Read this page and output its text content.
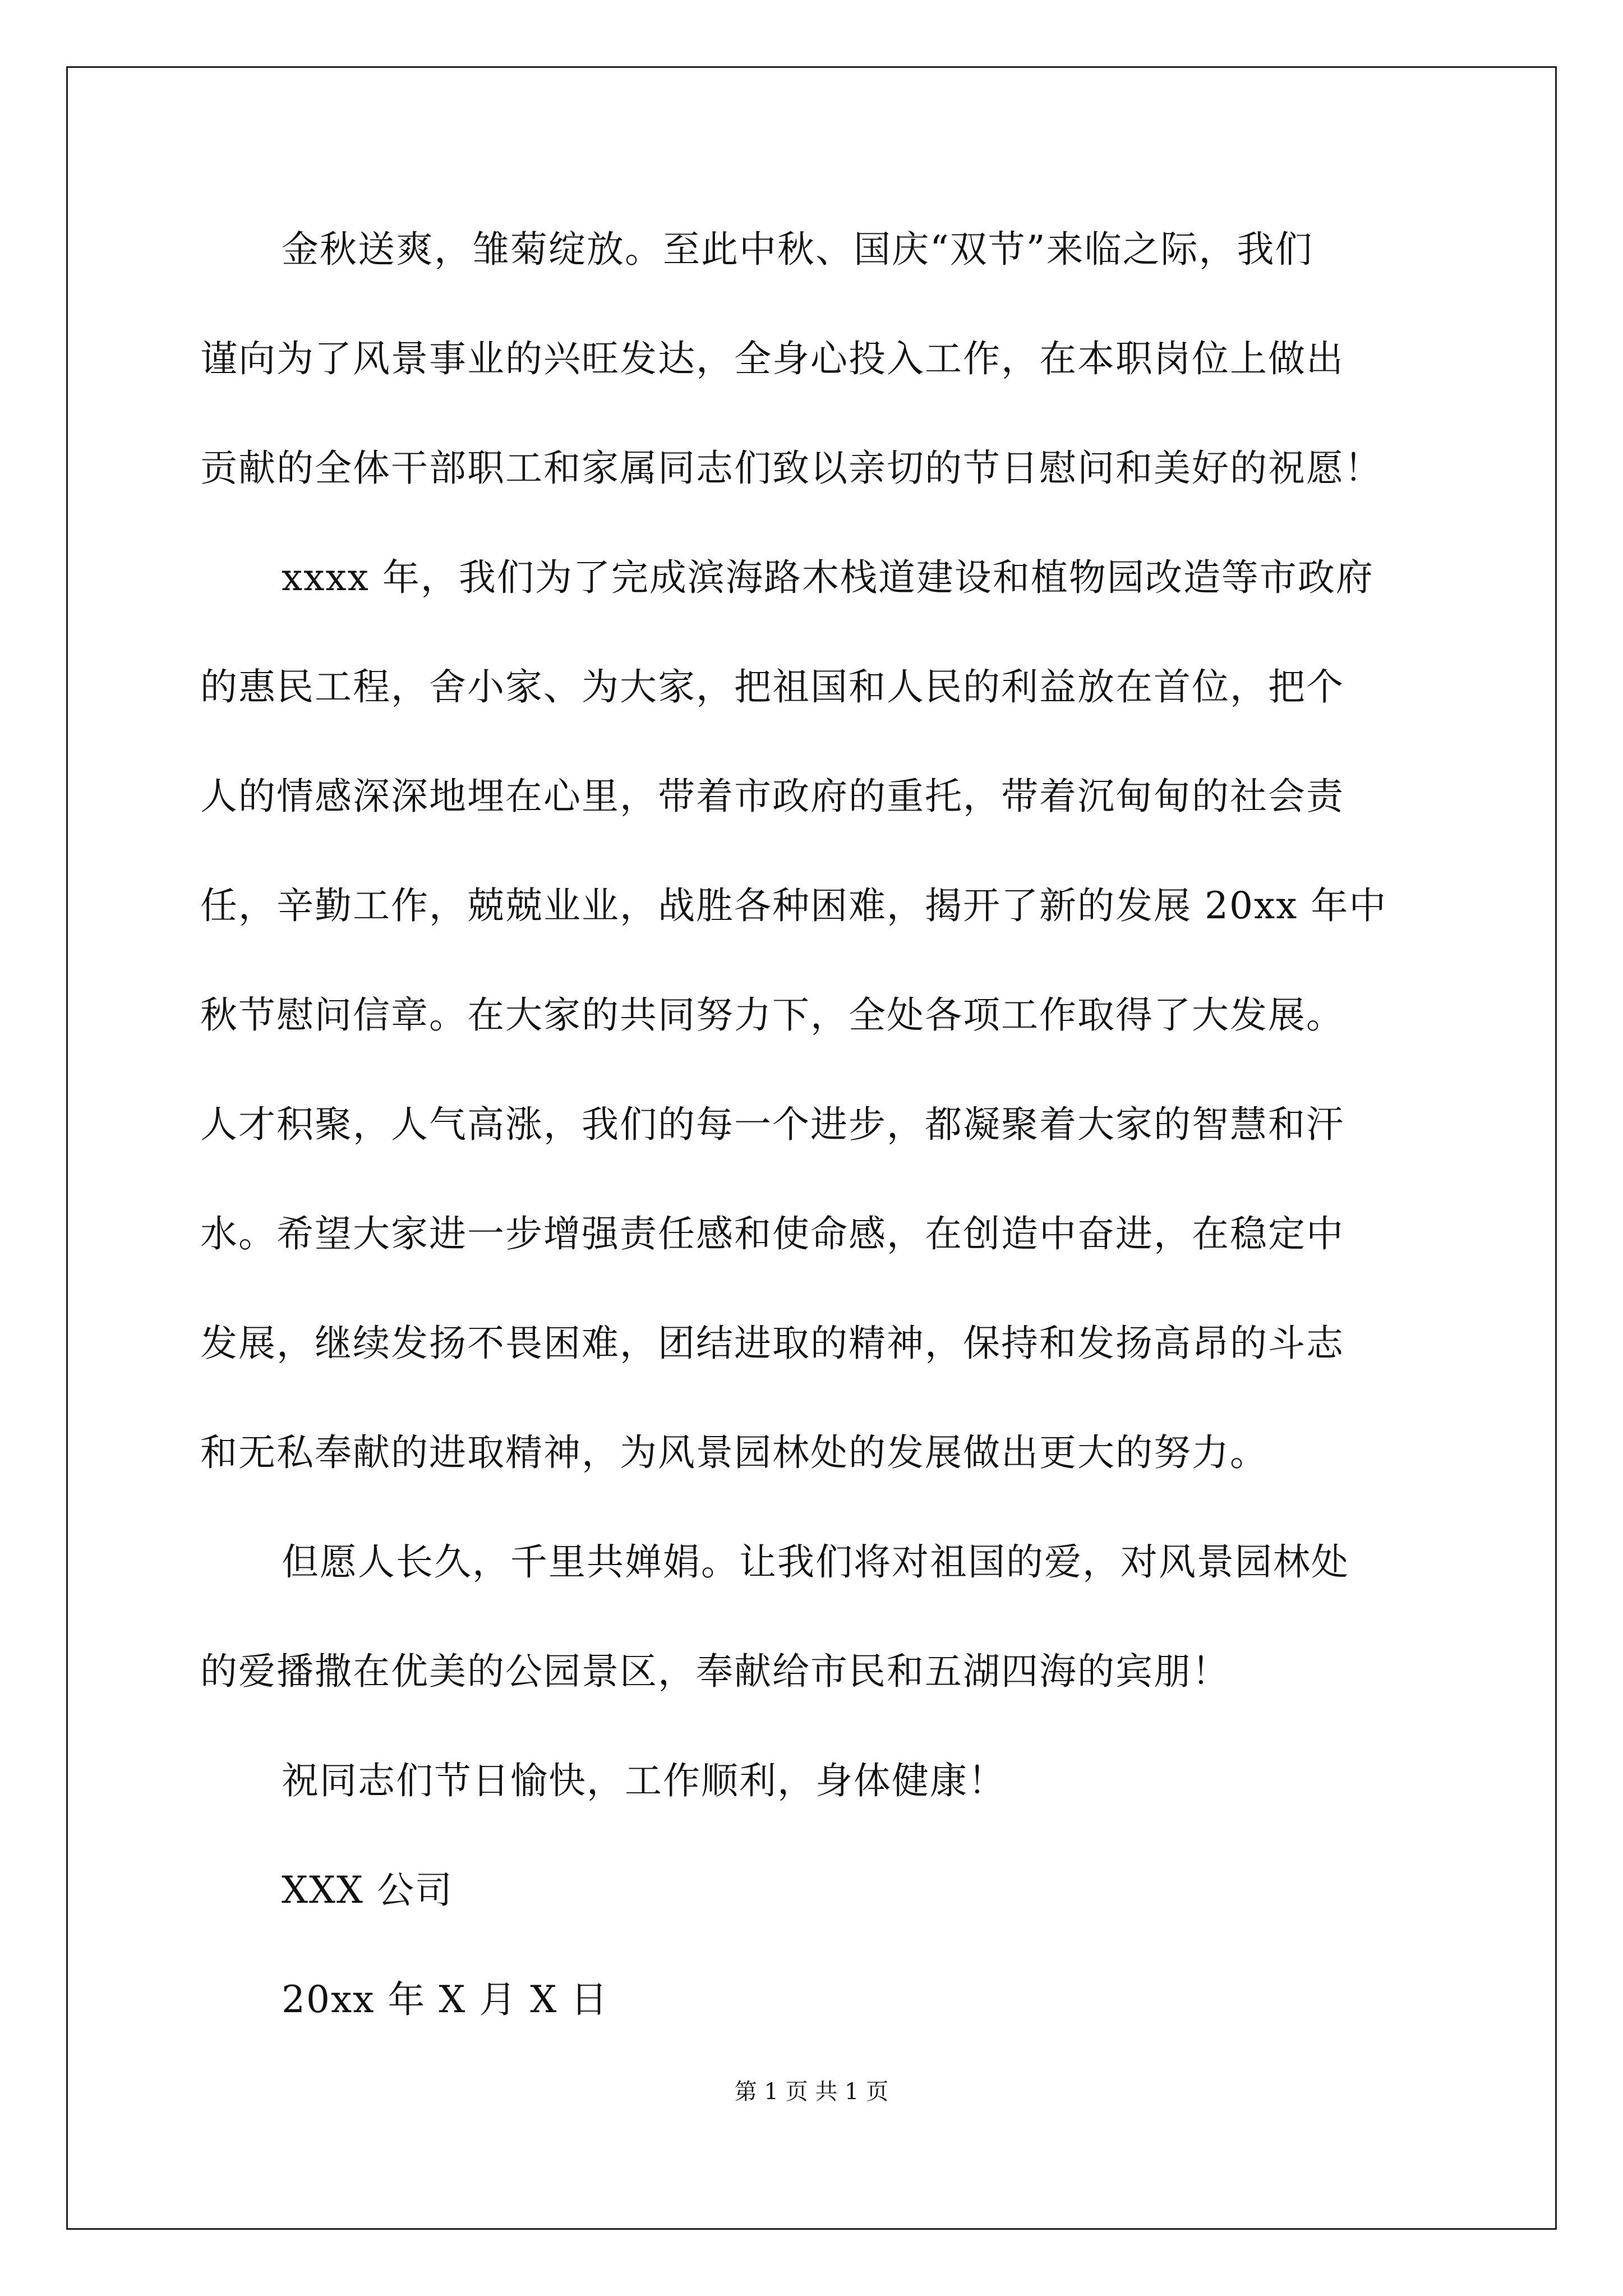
金秋送爽，雏菊绽放。至此中秋、国庆“双节”来临之际，我们
谨向为了风景事业的兴旺发达，全身心投入工作，在本职岗位上做出
贡献的全体干部职工和家属同志们致以亲切的节日慰问和美好的祝愿！
xxxx 年，我们为了完成滨海路木栈道建设和植物园改造等市政府
的惠民工程，舍小家、为大家，把祖国和人民的利益放在首位，把个
人的情感深深地埋在心里，带着市政府的重托，带着沉甸甸的社会责
任，辛勤工作，兢兢业业，战胜各种困难，揭开了新的发展 20xx 年中
秋节慰问信章。在大家的共同努力下，全处各项工作取得了大发展。
人才积聚，人气高涨，我们的每一个进步，都凝聚着大家的智慧和汗
水。希望大家进一步增强责任感和使命感，在创造中奋进，在稳定中
发展，继续发扬不畏困难，团结进取的精神，保持和发扬高昂的斗志
和无私奉献的进取精神，为风景园林处的发展做出更大的努力。
但愿人长久，千里共婵娟。让我们将对祖国的爱，对风景园林处
的爱播撒在优美的公园景区，奉献给市民和五湖四海的宾朋！
祝同志们节日愉快，工作顺利，身体健康！
XXX 公司
20xx 年 X 月 X 日
第 1 页 共 1 页
